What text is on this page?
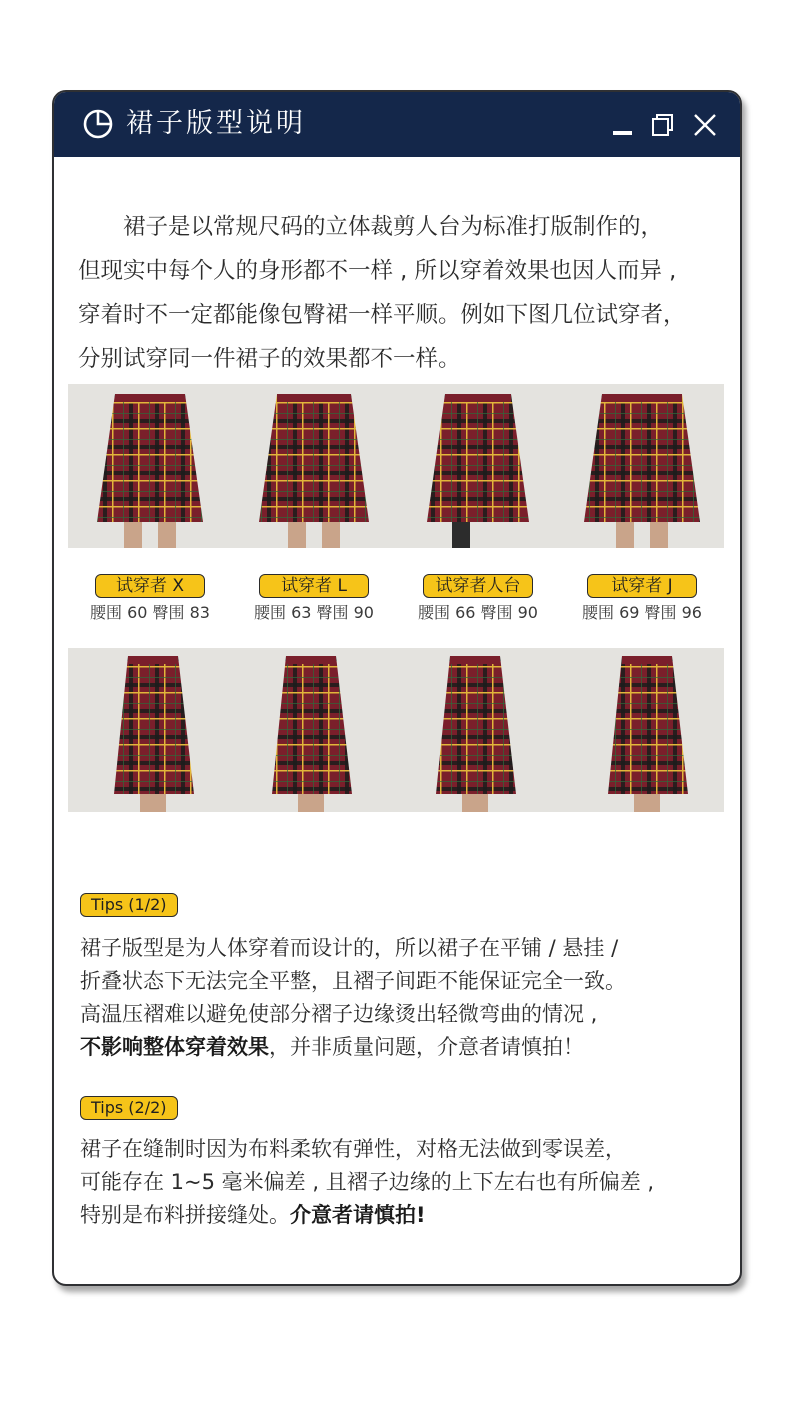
裙子版型说明

　　裙子是以常规尺码的立体裁剪人台为标准打版制作的，

但现实中每个人的身形都不一样 , 所以穿着效果也因人而异 ,

穿着时不一定都能像包臀裙一样平顺。例如下图几位试穿者，

分别试穿同一件裙子的效果都不一样。

试穿者 X
腰围 60 臀围 83
试穿者 L
腰围 63 臀围 90
试穿者人台
腰围 66 臀围 90
试穿者 J
腰围 69 臀围 96
Tips (1/2)

裙子版型是为人体穿着而设计的，所以裙子在平铺 / 悬挂 /

折叠状态下无法完全平整，且褶子间距不能保证完全一致。

高温压褶难以避免使部分褶子边缘烫出轻微弯曲的情况 ,

不影响整体穿着效果，并非质量问题，介意者请慎拍！

Tips (2/2)

裙子在缝制时因为布料柔软有弹性，对格无法做到零误差，

可能存在 1~5 毫米偏差 , 且褶子边缘的上下左右也有所偏差 ,

特别是布料拼接缝处。介意者请慎拍!
